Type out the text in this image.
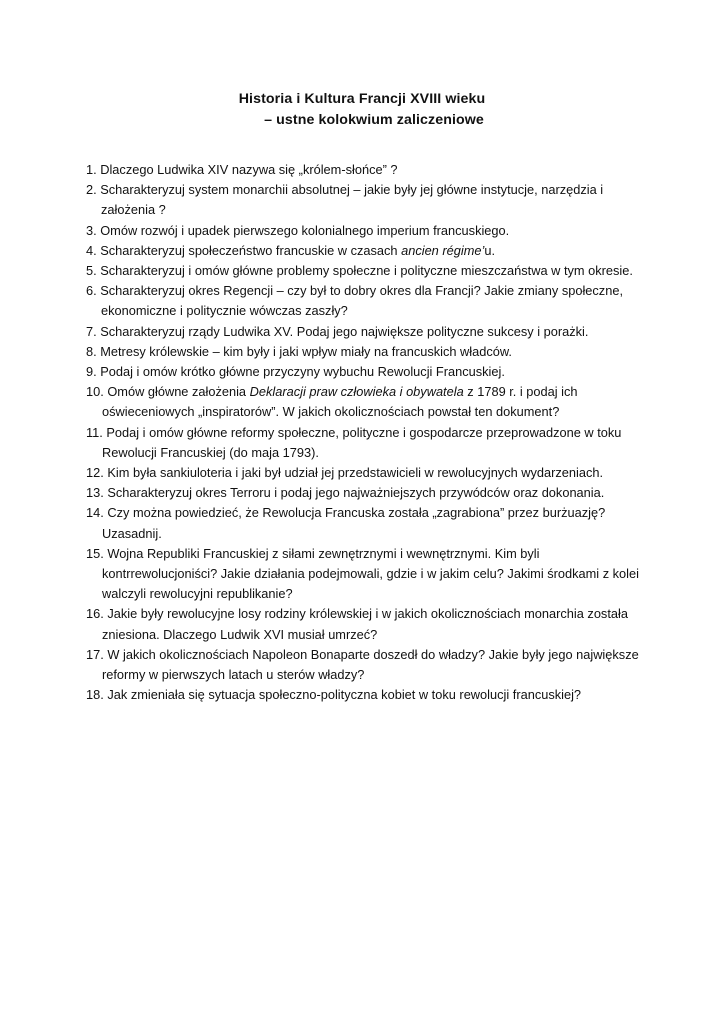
Historia i Kultura Francji XVIII wieku
– ustne kolokwium zaliczeniowe

1. Dlaczego Ludwika XIV nazywa się „królem-słońce” ?

2. Scharakteryzuj system monarchii absolutnej – jakie były jej główne instytucje, narzędzia i założenia ?

3. Omów rozwój i upadek pierwszego kolonialnego imperium francuskiego.

4. Scharakteryzuj społeczeństwo francuskie w czasach ancien régime’u.

5. Scharakteryzuj i omów główne problemy społeczne i polityczne mieszczaństwa w tym okresie.

6. Scharakteryzuj okres Regencji – czy był to dobry okres dla Francji? Jakie zmiany społeczne, ekonomiczne i politycznie wówczas zaszły?

7. Scharakteryzuj rządy Ludwika XV. Podaj jego największe polityczne sukcesy i porażki.

8. Metresy królewskie – kim były i jaki wpływ miały na francuskich władców.

9. Podaj i omów krótko główne przyczyny wybuchu Rewolucji Francuskiej.

10. Omów główne założenia Deklaracji praw człowieka i obywatela z 1789 r. i podaj ich oświeceniowych „inspiratorów”. W jakich okolicznościach powstał ten dokument?

11. Podaj i omów główne reformy społeczne, polityczne i gospodarcze przeprowadzone w toku Rewolucji Francuskiej (do maja 1793).

12. Kim była sankiuloteria i jaki był udział jej przedstawicieli w rewolucyjnych wydarzeniach.

13. Scharakteryzuj okres Terroru i podaj jego najważniejszych przywódców oraz dokonania.

14. Czy można powiedzieć, że Rewolucja Francuska została „zagrabiona” przez burżuazję? Uzasadnij.

15. Wojna Republiki Francuskiej z siłami zewnętrznymi i wewnętrznymi. Kim byli kontrrewolucjoniści? Jakie działania podejmowali, gdzie i w jakim celu? Jakimi środkami z kolei walczyli rewolucyjni republikanie?

16. Jakie były rewolucyjne losy rodziny królewskiej i w jakich okolicznościach monarchia została zniesiona. Dlaczego Ludwik XVI musiał umrzeć?

17. W jakich okolicznościach Napoleon Bonaparte doszedł do władzy? Jakie były jego największe reformy w pierwszych latach u sterów władzy?

18. Jak zmieniała się sytuacja społeczno-polityczna kobiet w toku rewolucji francuskiej?
